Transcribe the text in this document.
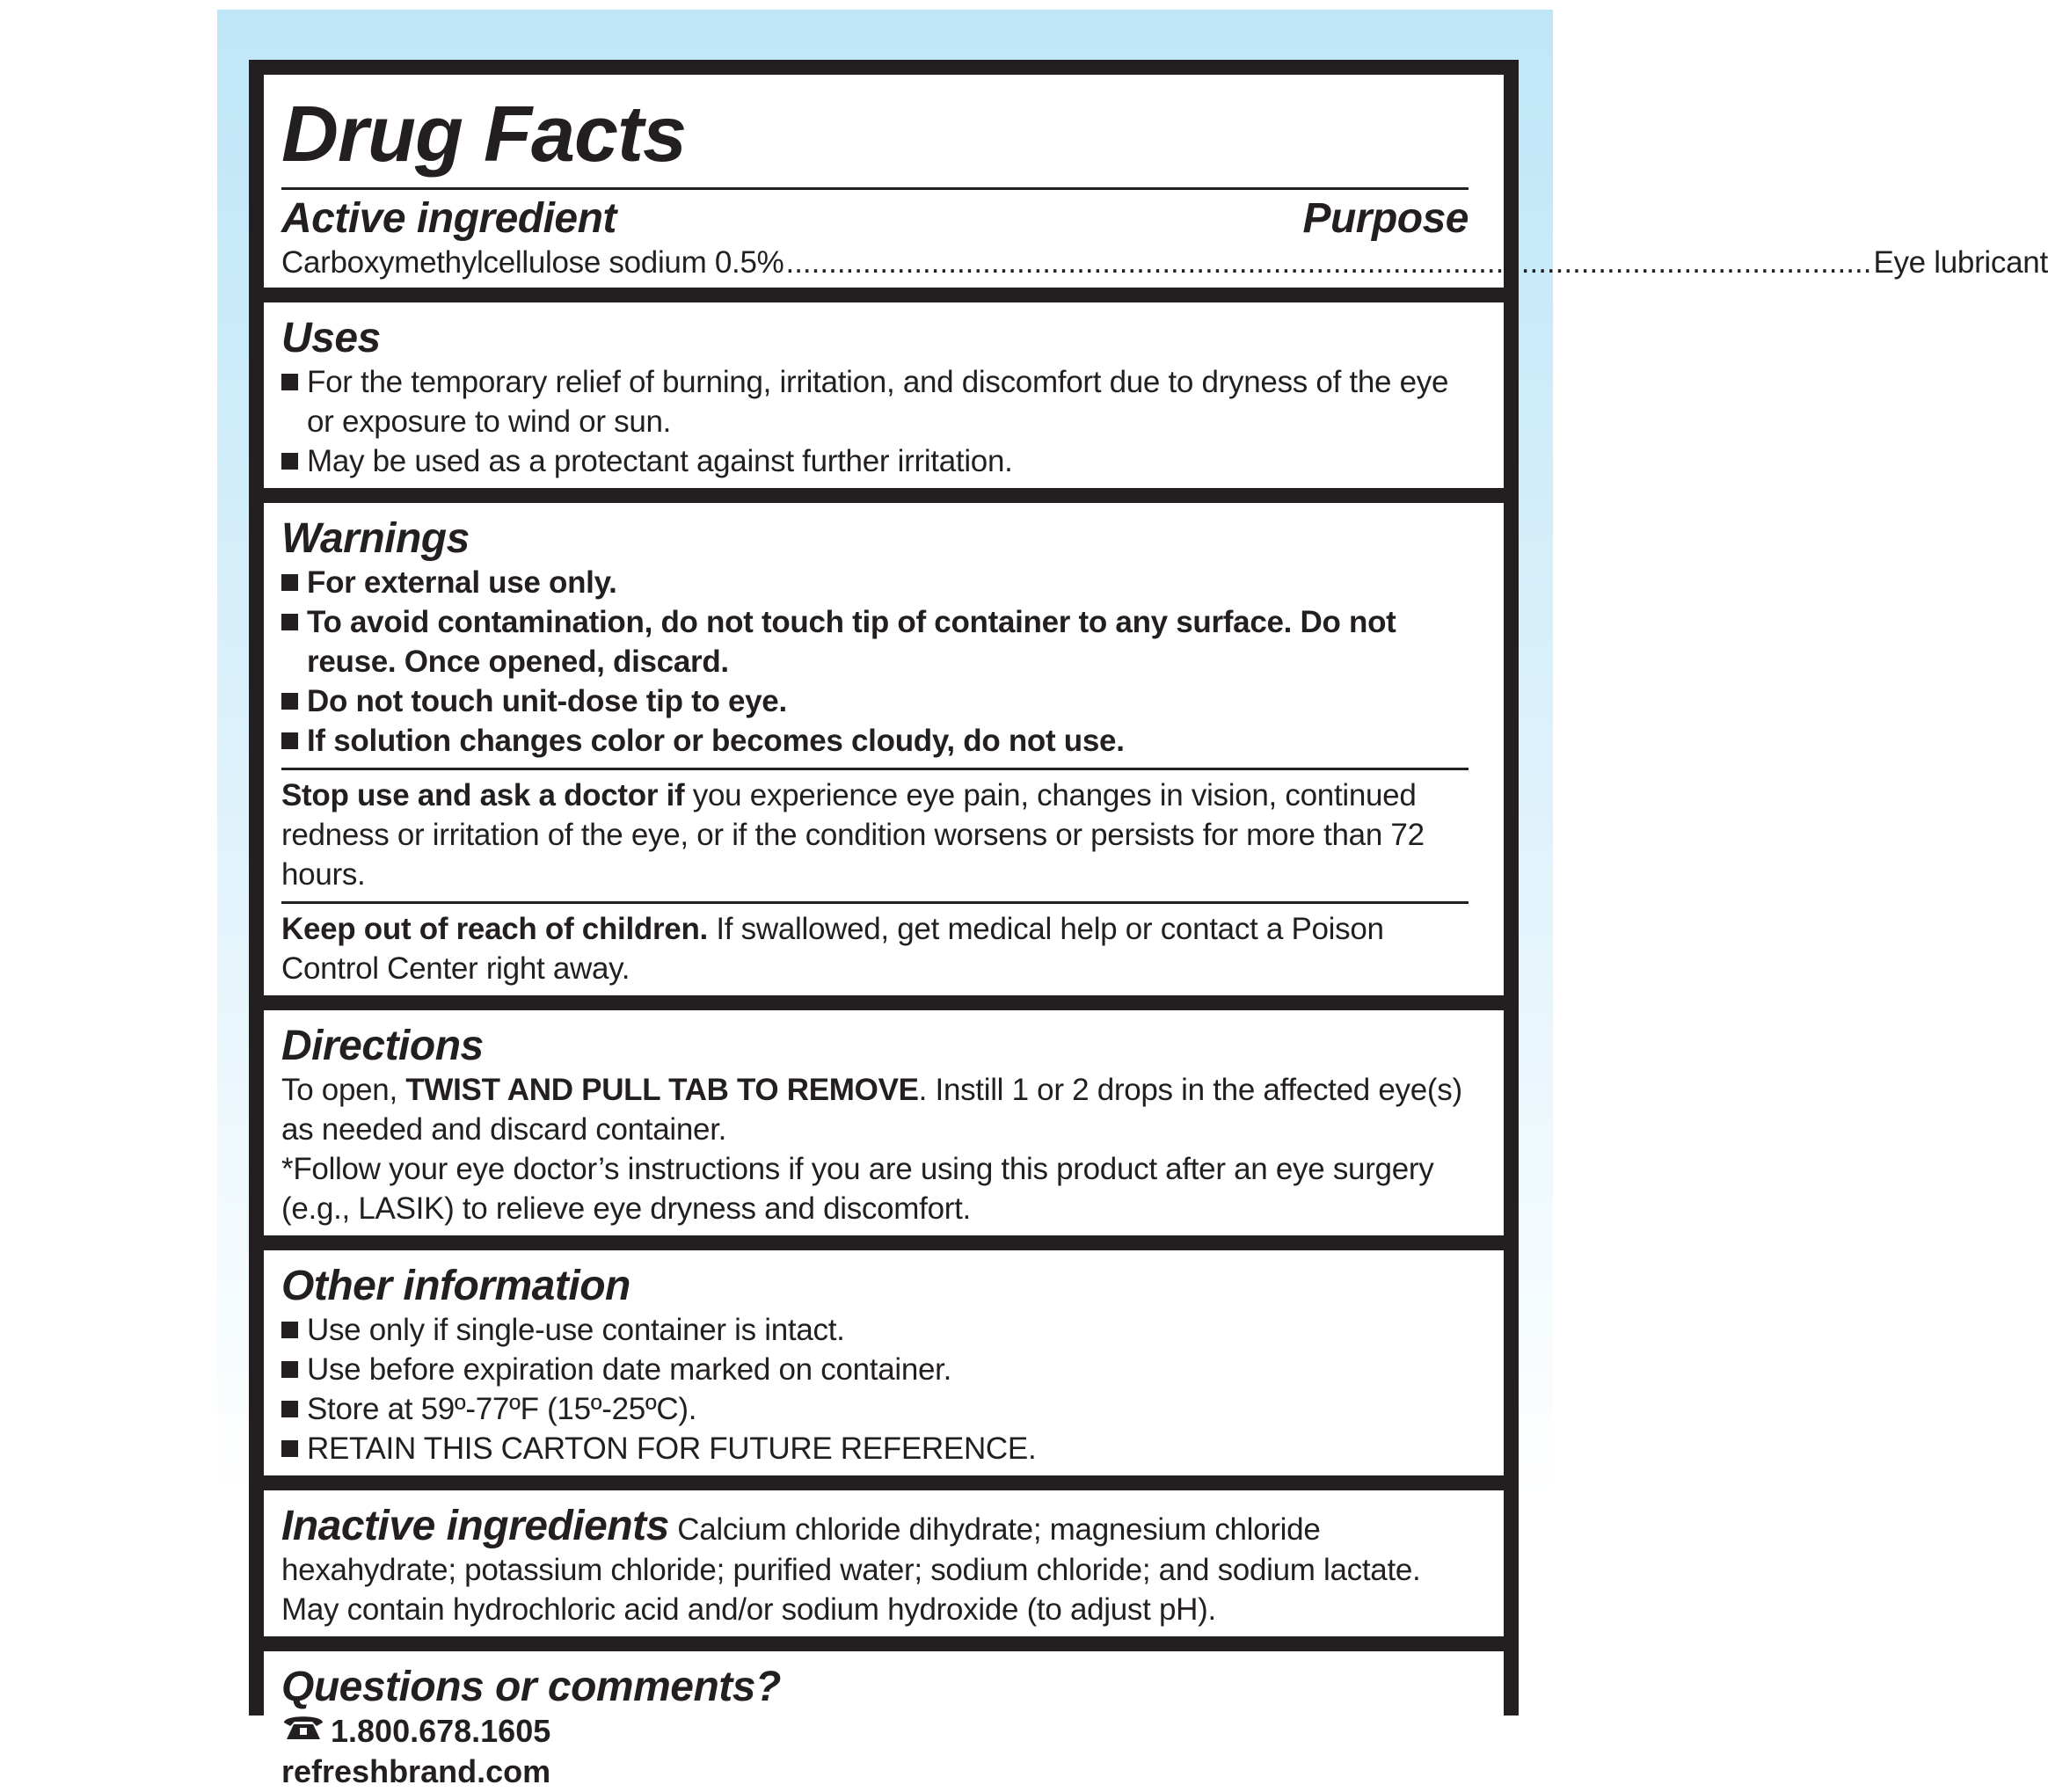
Drug Facts
Active ingredient	Purpose
Carboxymethylcellulose sodium 0.5% ............................................................................................................................... Eye lubricant
Uses
For the temporary relief of burning, irritation, and discomfort due to dryness of the eye or exposure to wind or sun.
May be used as a protectant against further irritation.
Warnings
For external use only.
To avoid contamination, do not touch tip of container to any surface. Do not reuse. Once opened, discard.
Do not touch unit-dose tip to eye.
If solution changes color or becomes cloudy, do not use.
Stop use and ask a doctor if you experience eye pain, changes in vision, continued redness or irritation of the eye, or if the condition worsens or persists for more than 72 hours.
Keep out of reach of children. If swallowed, get medical help or contact a Poison Control Center right away.
Directions
To open, TWIST AND PULL TAB TO REMOVE. Instill 1 or 2 drops in the affected eye(s) as needed and discard container.
*Follow your eye doctor’s instructions if you are using this product after an eye surgery (e.g., LASIK) to relieve eye dryness and discomfort.
Other information
Use only if single-use container is intact.
Use before expiration date marked on container.
Store at 59º-77ºF (15º-25ºC).
RETAIN THIS CARTON FOR FUTURE REFERENCE.
Inactive ingredients Calcium chloride dihydrate; magnesium chloride hexahydrate; potassium chloride; purified water; sodium chloride; and sodium lactate. May contain hydrochloric acid and/or sodium hydroxide (to adjust pH).
Questions or comments?
1.800.678.1605
refreshbrand.com
